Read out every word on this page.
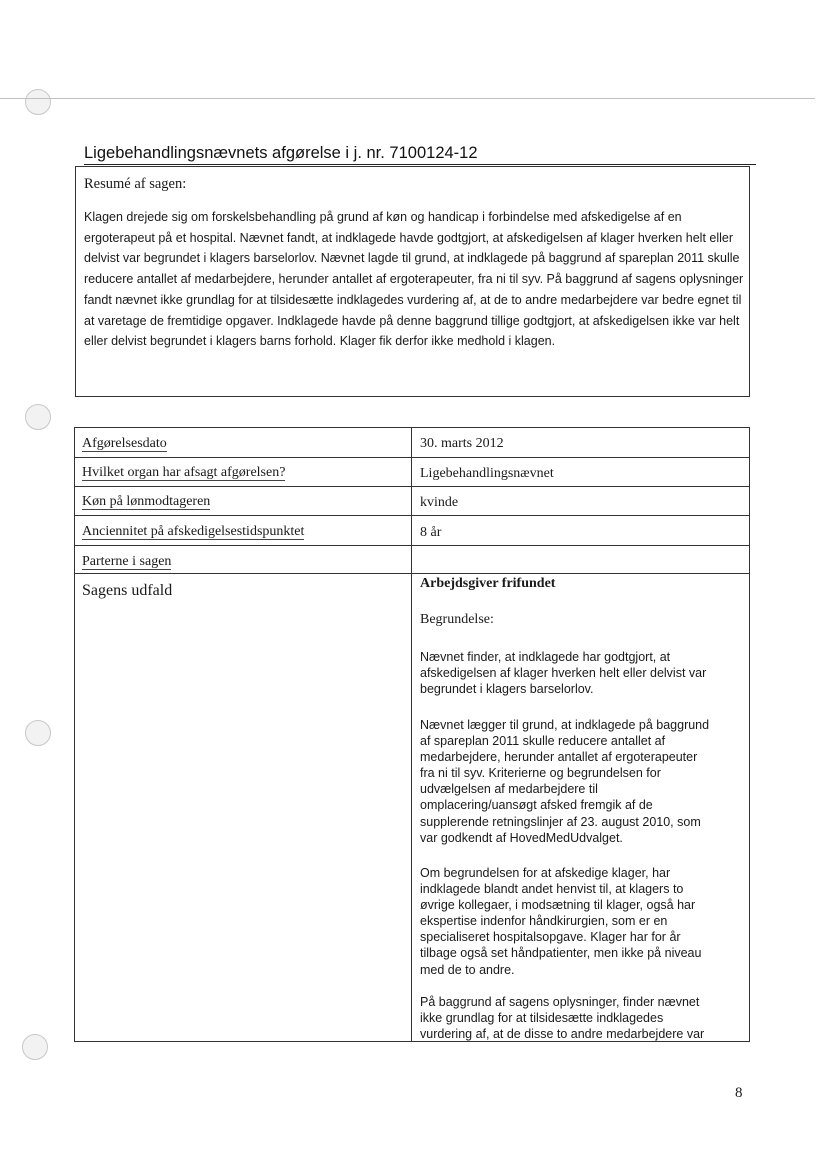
Ligebehandlingsnævnets afgørelse i j. nr. 7100124-12
Resumé af sagen:
Klagen drejede sig om forskelsbehandling på grund af køn og handicap i forbindelse med afskedigelse af en ergoterapeut på et hospital. Nævnet fandt, at indklagede havde godtgjort, at afskedigelsen af klager hverken helt eller delvist var begrundet i klagers barselorlov. Nævnet lagde til grund, at indklagede på baggrund af spareplan 2011 skulle reducere antallet af medarbejdere, herunder antallet af ergoterapeuter, fra ni til syv. På baggrund af sagens oplysninger fandt nævnet ikke grundlag for at tilsidesætte indklagedes vurdering af, at de to andre medarbejdere var bedre egnet til at varetage de fremtidige opgaver. Indklagede havde på denne baggrund tillige godtgjort, at afskedigelsen ikke var helt eller delvist begrundet i klagers barns forhold. Klager fik derfor ikke medhold i klagen.
Afgørelsesdato	30. marts 2012
Hvilket organ har afsagt afgørelsen?	Ligebehandlingsnævnet
Køn på lønmodtageren	kvinde
Anciennitet på afskedigelsestidspunktet	8 år
Parterne i sagen
Sagens udfald	Arbejdsgiver frifundet
Begrundelse:
Nævnet finder, at indklagede har godtgjort, at
afskedigelsen af klager hverken helt eller delvist var
begrundet i klagers barselorlov.
Nævnet lægger til grund, at indklagede på baggrund
af spareplan 2011 skulle reducere antallet af
medarbejdere, herunder antallet af ergoterapeuter
fra ni til syv. Kriterierne og begrundelsen for
udvælgelsen af medarbejdere til
omplacering/uansøgt afsked fremgik af de
supplerende retningslinjer af 23. august 2010, som
var godkendt af HovedMedUdvalget.
Om begrundelsen for at afskedige klager, har
indklagede blandt andet henvist til, at klagers to
øvrige kollegaer, i modsætning til klager, også har
ekspertise indenfor håndkirurgien, som er en
specialiseret hospitalsopgave. Klager har for år
tilbage også set håndpatienter, men ikke på niveau
med de to andre.
På baggrund af sagens oplysninger, finder nævnet
ikke grundlag for at tilsidesætte indklagedes
vurdering af, at de disse to andre medarbejdere var
8
